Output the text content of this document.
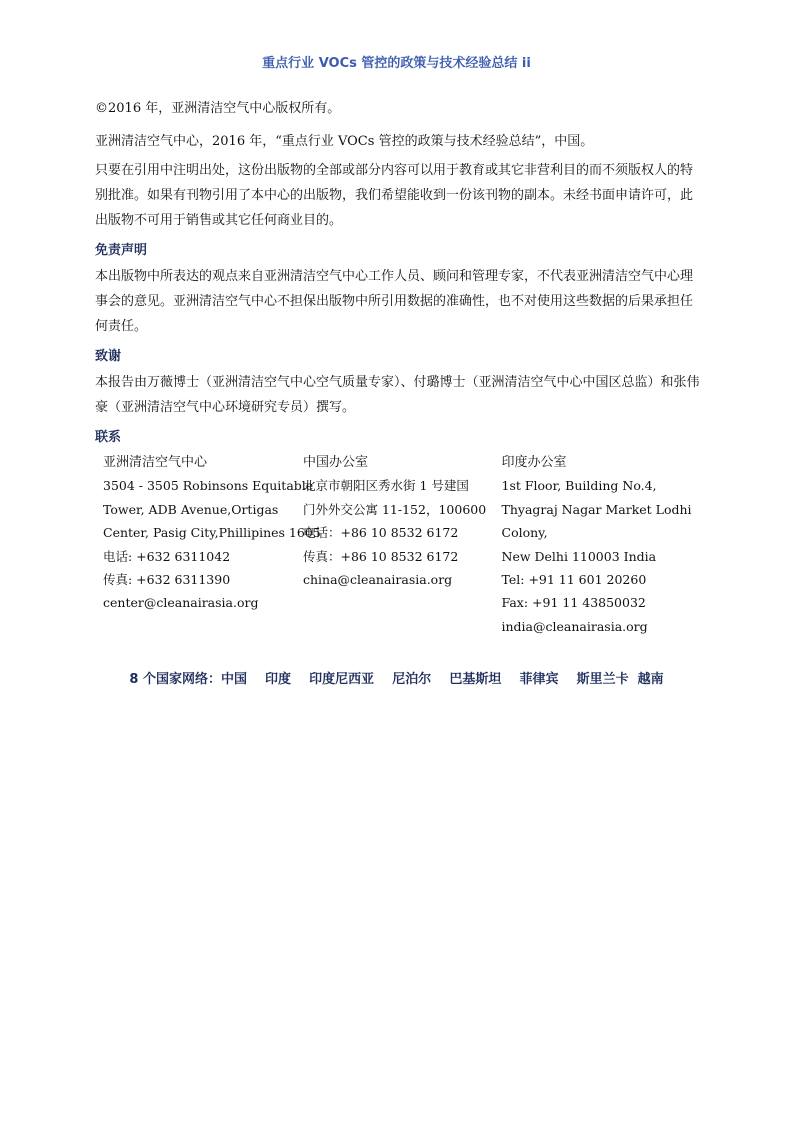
重点行业 VOCs 管控的政策与技术经验总结 ii

©2016 年，亚洲清洁空气中心版权所有。

亚洲清洁空气中心，2016 年，“重点行业 VOCs 管控的政策与技术经验总结”，中国。

只要在引用中注明出处，这份出版物的全部或部分内容可以用于教育或其它非营利目的而不须版权人的特别批准。如果有刊物引用了本中心的出版物，我们希望能收到一份该刊物的副本。未经书面申请许可，此出版物不可用于销售或其它任何商业目的。

免责声明

本出版物中所表达的观点来自亚洲清洁空气中心工作人员、顾问和管理专家，不代表亚洲清洁空气中心理事会的意见。亚洲清洁空气中心不担保出版物中所引用数据的准确性，也不对使用这些数据的后果承担任何责任。

致谢

本报告由万薇博士（亚洲清洁空气中心空气质量专家）、付璐博士（亚洲清洁空气中心中国区总监）和张伟豪（亚洲清洁空气中心环境研究专员）撰写。

联系
亚洲清洁空气中心
3504 - 3505 Robinsons Equitable
Tower, ADB Avenue,Ortigas
Center, Pasig City,Phillipines 1605
电话: +632 6311042
传真: +632 6311390
center@cleanairasia.org
中国办公室
北京市朝阳区秀水街 1 号建国
门外外交公寓 11-152，100600
电话：+86 10 8532 6172
传真：+86 10 8532 6172
china@cleanairasia.org
印度办公室
1st Floor, Building No.4,
Thyagraj Nagar Market Lodhi
Colony,
New Delhi 110003 India
Tel: +91 11 601 20260
Fax: +91 11 43850032
india@cleanairasia.org
8 个国家网络：中国    印度    印度尼西亚    尼泊尔    巴基斯坦    菲律宾    斯里兰卡  越南
